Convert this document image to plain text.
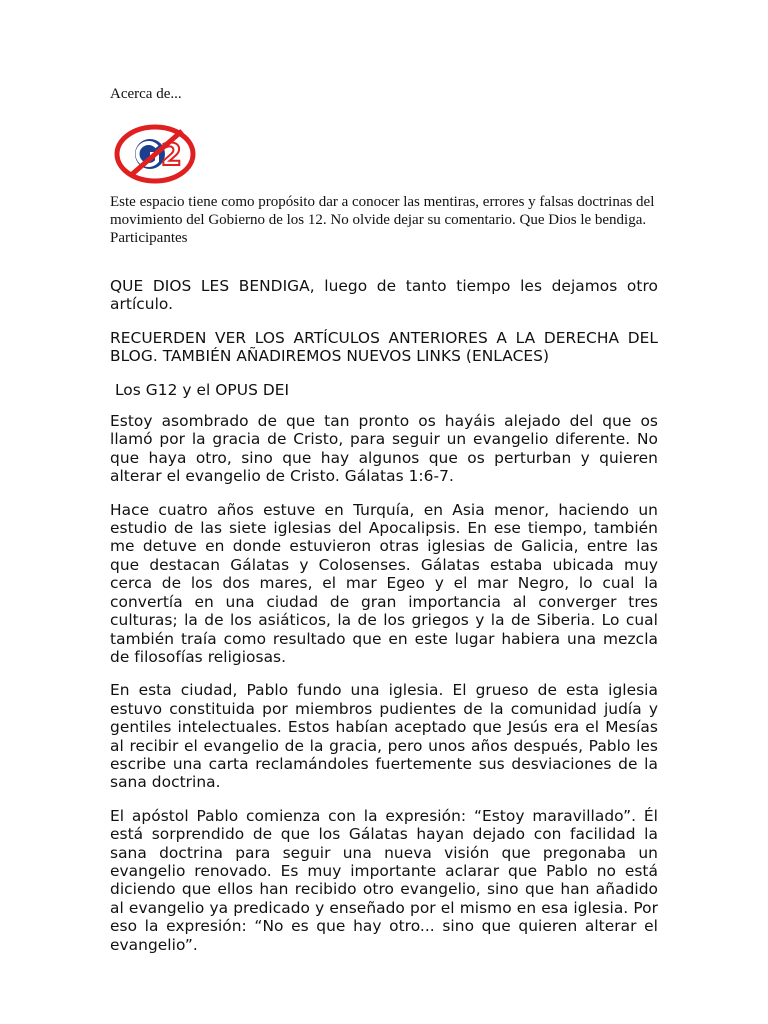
Acerca de...
2

Este espacio tiene como propósito dar a conocer las mentiras, errores y falsas doctrinas del movimiento del Gobierno de los 12. No olvide dejar su comentario. Que Dios le bendiga.

Participantes

QUE DIOS LES BENDIGA, luego de tanto tiempo les dejamos otro artículo.

RECUERDEN VER LOS ARTÍCULOS ANTERIORES A LA DERECHA DEL BLOG. TAMBIÉN AÑADIREMOS NUEVOS LINKS (ENLACES)

Los G12 y el OPUS DEI

Estoy asombrado de que tan pronto os hayáis alejado del que os llamó por la gracia de Cristo, para seguir un evangelio diferente. No que haya otro, sino que hay algunos que os perturban y quieren alterar el evangelio de Cristo. Gálatas 1:6-7.

Hace cuatro años estuve en Turquía, en Asia menor, haciendo un estudio de las siete iglesias del Apocalipsis. En ese tiempo, también me detuve en donde estuvieron otras iglesias de Galicia, entre las que destacan Gálatas y Colosenses. Gálatas estaba ubicada muy cerca de los dos mares, el mar Egeo y el mar Negro, lo cual la convertía en una ciudad de gran importancia al converger tres culturas; la de los asiáticos, la de los griegos y la de Siberia. Lo cual también traía como resultado que en este lugar habiera una mezcla de filosofías religiosas.

En esta ciudad, Pablo fundo una iglesia. El grueso de esta iglesia estuvo constituida por miembros pudientes de la comunidad judía y gentiles intelectuales. Estos habían aceptado que Jesús era el Mesías al recibir el evangelio de la gracia, pero unos años después, Pablo les escribe una carta reclamándoles fuertemente sus desviaciones de la sana doctrina.

El apóstol Pablo comienza con la expresión: “Estoy maravillado”. Él está sorprendido de que los Gálatas hayan dejado con facilidad la sana doctrina para seguir una nueva visión que pregonaba un evangelio renovado. Es muy importante aclarar que Pablo no está diciendo que ellos han recibido otro evangelio, sino que han añadido al evangelio ya predicado y enseñado por el mismo en esa iglesia. Por eso la expresión: “No es que hay otro... sino que quieren alterar el evangelio”.
